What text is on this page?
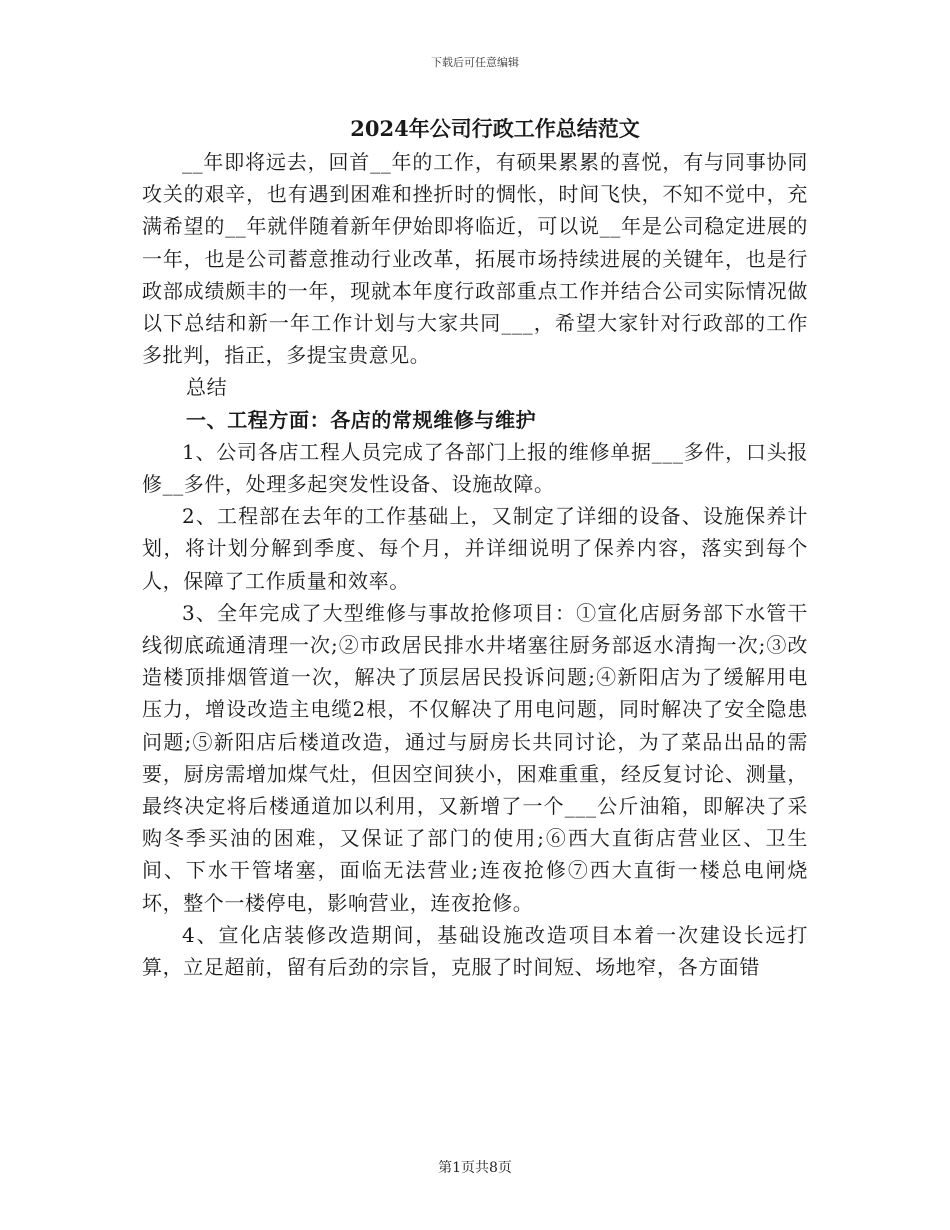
下载后可任意编辑
2024年公司行政工作总结范文

__年即将远去，回首__年的工作，有硕果累累的喜悦，有与同事协同攻关的艰辛，也有遇到困难和挫折时的惆怅，时间飞快，不知不觉中，充满希望的__年就伴随着新年伊始即将临近，可以说__年是公司稳定进展的一年，也是公司蓄意推动行业改革，拓展市场持续进展的关键年，也是行政部成绩颇丰的一年，现就本年度行政部重点工作并结合公司实际情况做以下总结和新一年工作计划与大家共同___，希望大家针对行政部的工作多批判，指正，多提宝贵意见。

总结

一、工程方面：各店的常规维修与维护

1、公司各店工程人员完成了各部门上报的维修单据___多件，口头报修__多件，处理多起突发性设备、设施故障。

2、工程部在去年的工作基础上，又制定了详细的设备、设施保养计划，将计划分解到季度、每个月，并详细说明了保养内容，落实到每个人，保障了工作质量和效率。

3、全年完成了大型维修与事故抢修项目：①宣化店厨务部下水管干线彻底疏通清理一次;②市政居民排水井堵塞往厨务部返水清掏一次;③改造楼顶排烟管道一次，解决了顶层居民投诉问题;④新阳店为了缓解用电压力，增设改造主电缆2根，不仅解决了用电问题，同时解决了安全隐患问题;⑤新阳店后楼道改造，通过与厨房长共同讨论，为了菜品出品的需要，厨房需增加煤气灶，但因空间狭小，困难重重，经反复讨论、测量，最终决定将后楼通道加以利用，又新增了一个___公斤油箱，即解决了采购冬季买油的困难，又保证了部门的使用;⑥西大直街店营业区、卫生间、下水干管堵塞，面临无法营业;连夜抢修⑦西大直街一楼总电闸烧坏，整个一楼停电，影响营业，连夜抢修。

4、宣化店装修改造期间，基础设施改造项目本着一次建设长远打算，立足超前，留有后劲的宗旨，克服了时间短、场地窄，各方面错

第1页共8页
